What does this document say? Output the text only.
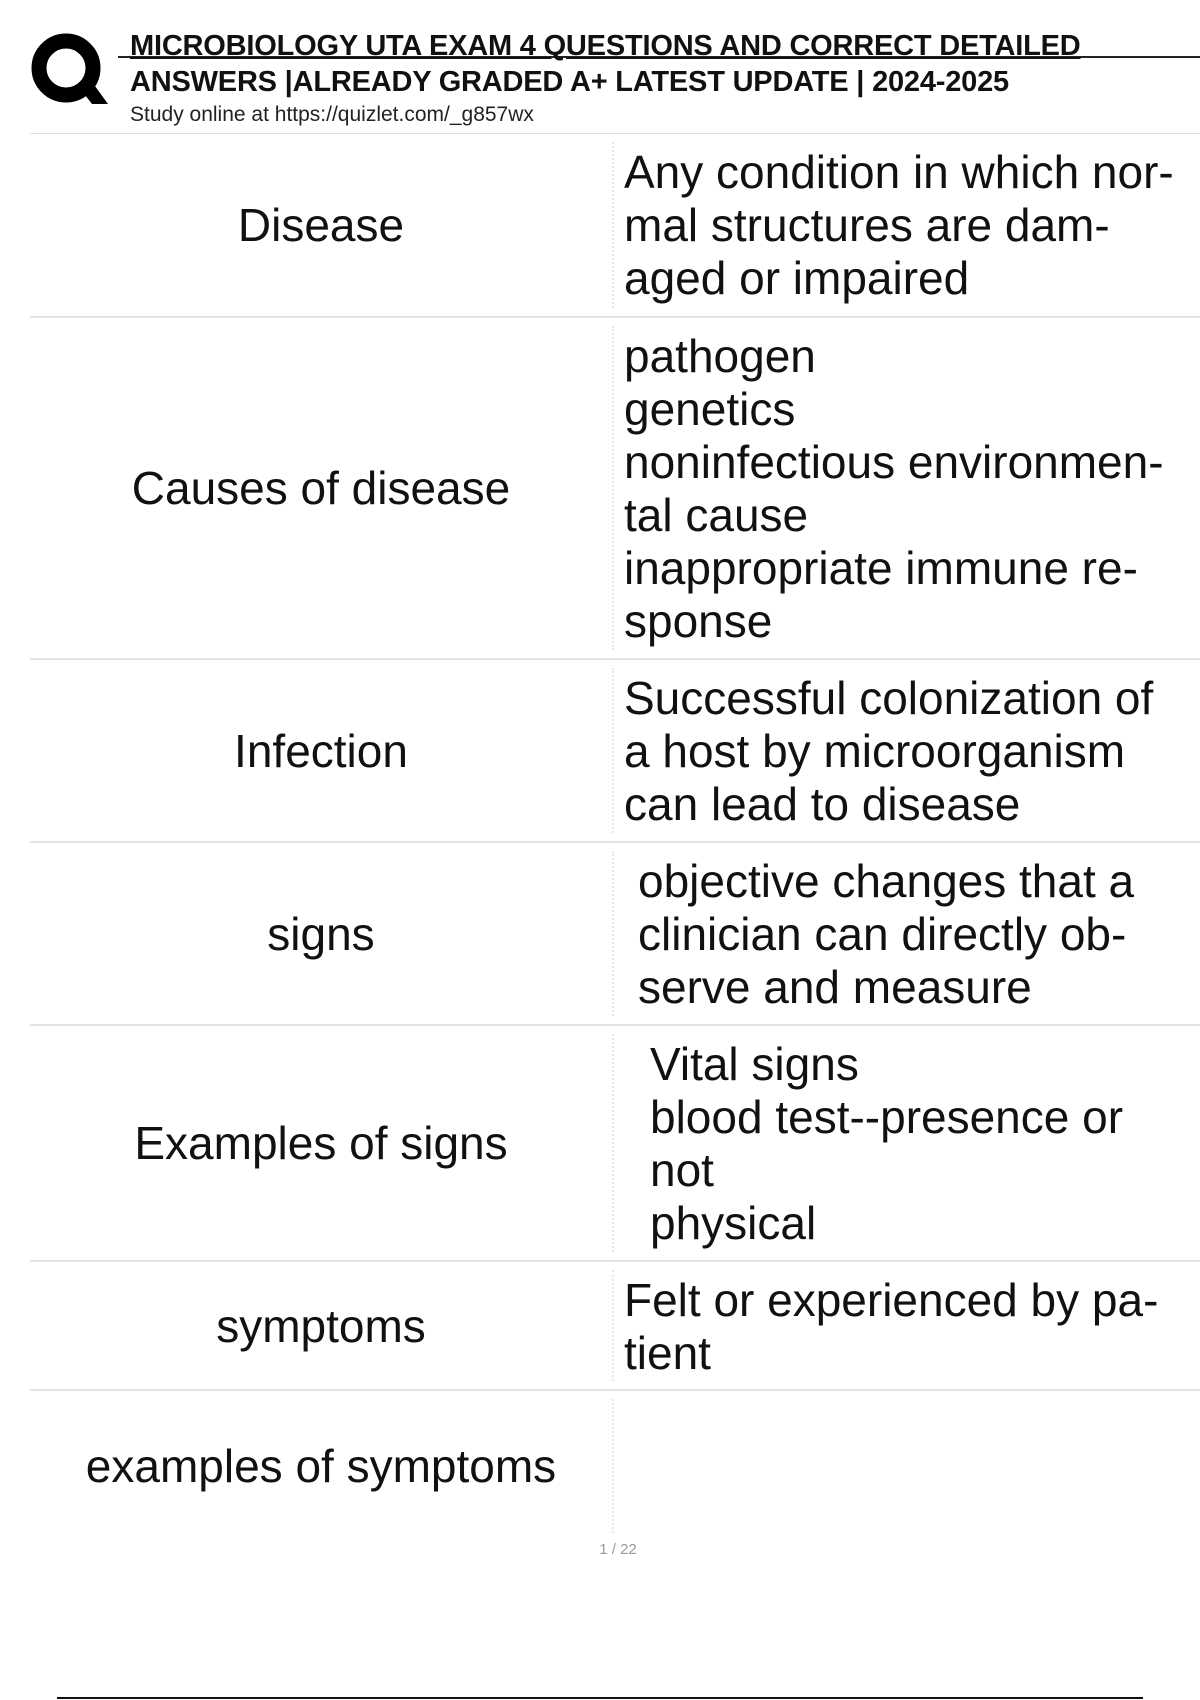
MICROBIOLOGY UTA EXAM 4 QUESTIONS AND CORRECT DETAILED
ANSWERS |ALREADY GRADED A+ LATEST UPDATE | 2024-2025
Study online at https://quizlet.com/_g857wx
Disease
Any condition in which nor-
mal structures are dam-
aged or impaired
Causes of disease
pathogen
genetics
noninfectious environmen-
tal cause
inappropriate immune re-
sponse
Infection
Successful colonization of
a host by microorganism
can lead to disease
signs
objective changes that a
clinician can directly ob-
serve and measure
Examples of signs
Vital signs
blood test--presence or
not
physical
symptoms	Felt or experienced by pa-
tient
examples of symptoms
1 / 22
